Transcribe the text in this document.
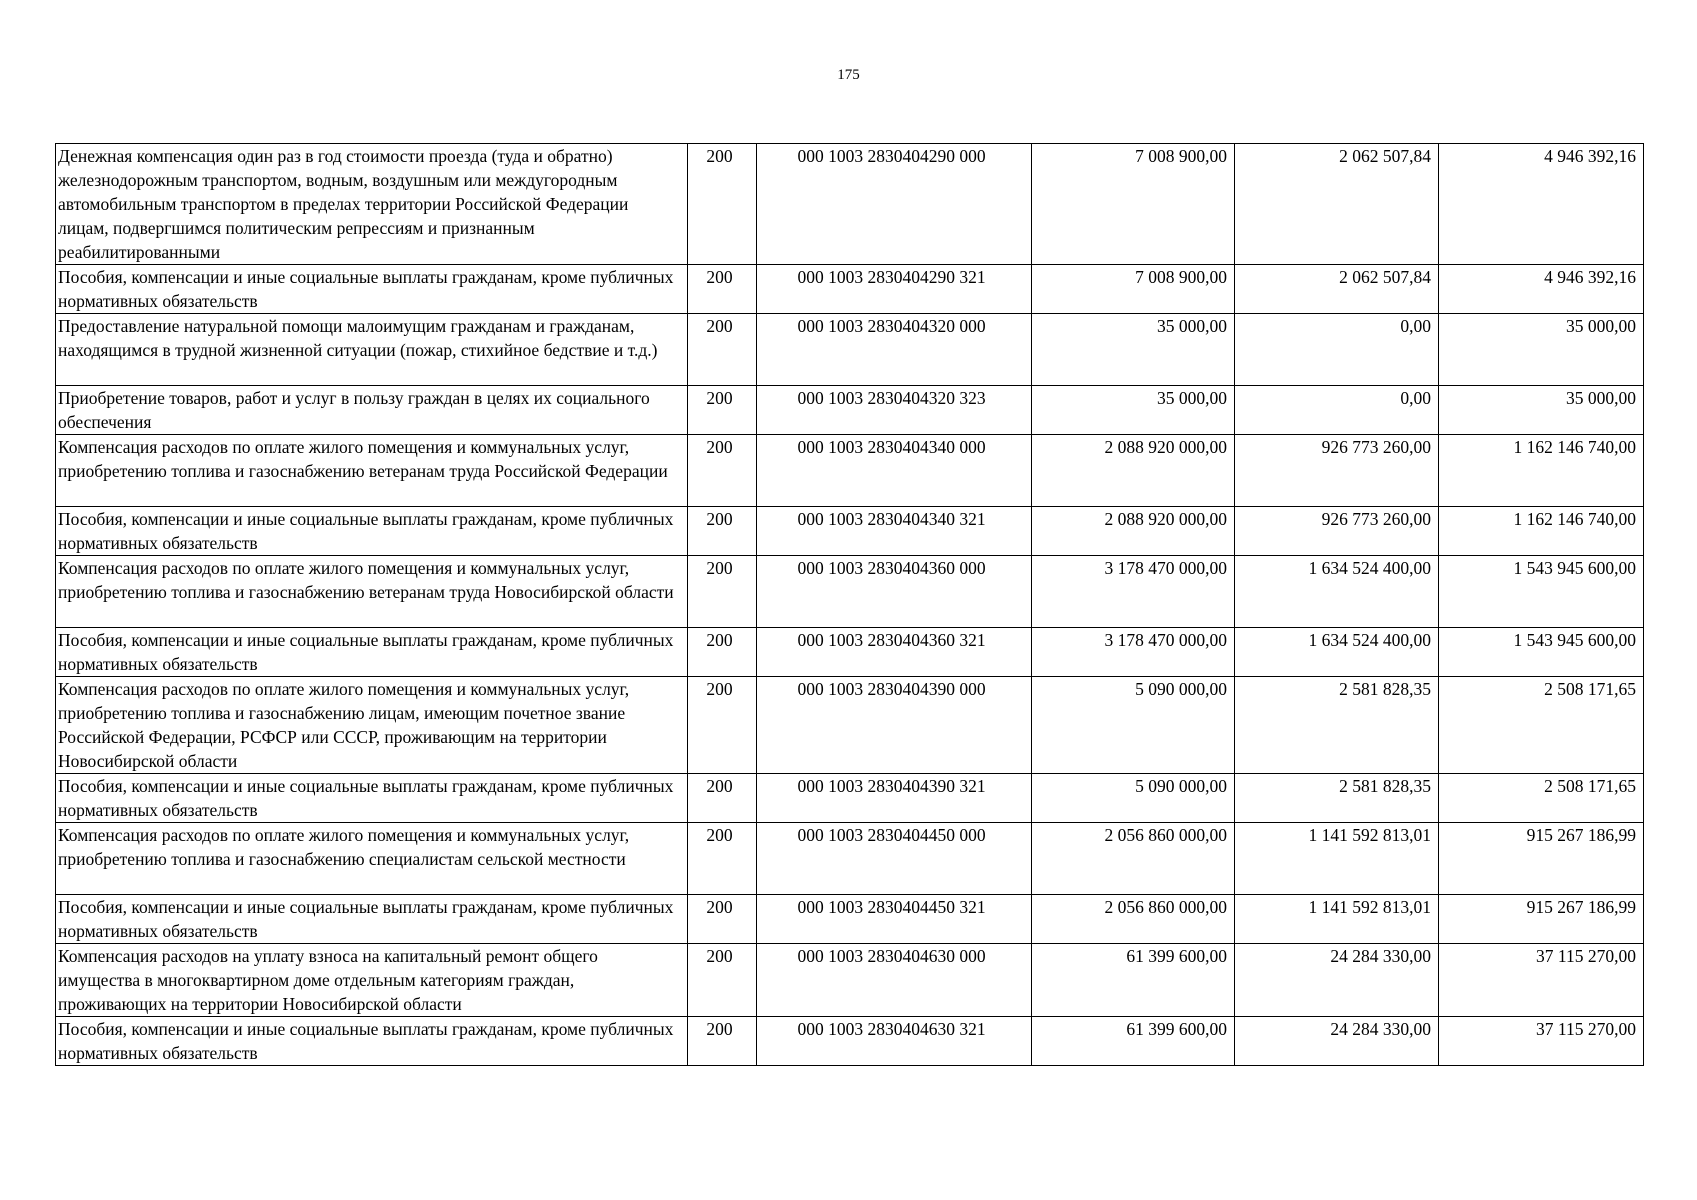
175
Денежная компенсация один раз в год стоимости проезда (туда и обратно) железнодорожным транспортом, водным, воздушным или междугородным автомобильным транспортом в пределах территории Российской Федерации лицам, подвергшимся политическим репрессиям и признанным реабилитированными	200	000 1003 2830404290 000	7 008 900,00	2 062 507,84	4 946 392,16
Пособия, компенсации и иные социальные выплаты гражданам, кроме публичных нормативных обязательств	200	000 1003 2830404290 321	7 008 900,00	2 062 507,84	4 946 392,16
Предоставление натуральной помощи малоимущим гражданам и гражданам, находящимся в трудной жизненной ситуации (пожар, стихийное бедствие и т.д.)	200	000 1003 2830404320 000	35 000,00	0,00	35 000,00
Приобретение товаров, работ и услуг в пользу граждан в целях их социального обеспечения	200	000 1003 2830404320 323	35 000,00	0,00	35 000,00
Компенсация расходов по оплате жилого помещения и коммунальных услуг, приобретению топлива и газоснабжению ветеранам труда Российской Федерации	200	000 1003 2830404340 000	2 088 920 000,00	926 773 260,00	1 162 146 740,00
Пособия, компенсации и иные социальные выплаты гражданам, кроме публичных нормативных обязательств	200	000 1003 2830404340 321	2 088 920 000,00	926 773 260,00	1 162 146 740,00
Компенсация расходов по оплате жилого помещения и коммунальных услуг, приобретению топлива и газоснабжению ветеранам труда Новосибирской области	200	000 1003 2830404360 000	3 178 470 000,00	1 634 524 400,00	1 543 945 600,00
Пособия, компенсации и иные социальные выплаты гражданам, кроме публичных нормативных обязательств	200	000 1003 2830404360 321	3 178 470 000,00	1 634 524 400,00	1 543 945 600,00
Компенсация расходов по оплате жилого помещения и коммунальных услуг, приобретению топлива и газоснабжению лицам, имеющим почетное звание Российской Федерации, РСФСР или СССР, проживающим на территории Новосибирской области	200	000 1003 2830404390 000	5 090 000,00	2 581 828,35	2 508 171,65
Пособия, компенсации и иные социальные выплаты гражданам, кроме публичных нормативных обязательств	200	000 1003 2830404390 321	5 090 000,00	2 581 828,35	2 508 171,65
Компенсация расходов по оплате жилого помещения и коммунальных услуг, приобретению топлива и газоснабжению специалистам сельской местности	200	000 1003 2830404450 000	2 056 860 000,00	1 141 592 813,01	915 267 186,99
Пособия, компенсации и иные социальные выплаты гражданам, кроме публичных нормативных обязательств	200	000 1003 2830404450 321	2 056 860 000,00	1 141 592 813,01	915 267 186,99
Компенсация расходов на уплату взноса на капитальный ремонт общего имущества в многоквартирном доме отдельным категориям граждан, проживающих на территории Новосибирской области	200	000 1003 2830404630 000	61 399 600,00	24 284 330,00	37 115 270,00
Пособия, компенсации и иные социальные выплаты гражданам, кроме публичных нормативных обязательств	200	000 1003 2830404630 321	61 399 600,00	24 284 330,00	37 115 270,00
